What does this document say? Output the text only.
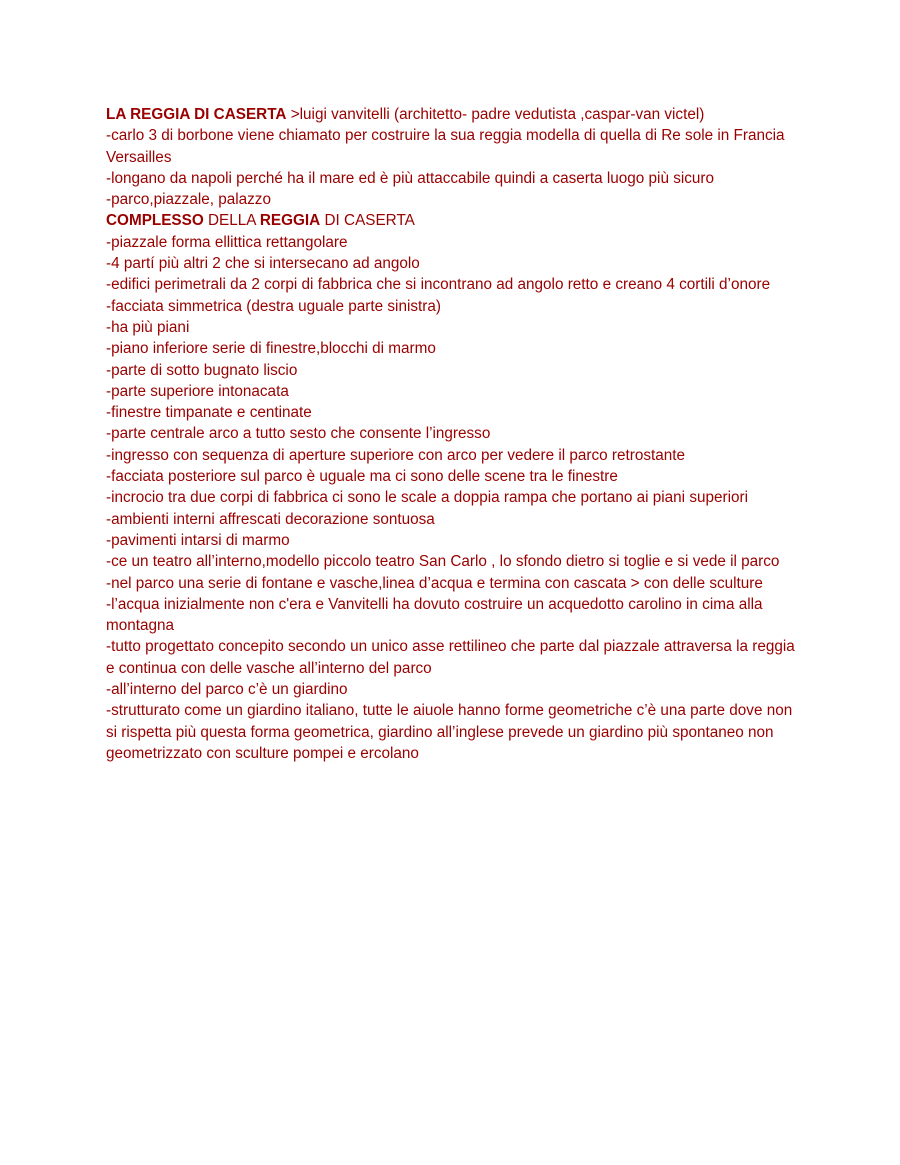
LA REGGIA DI CASERTA >luigi vanvitelli (architetto- padre vedutista ,caspar-van victel)

-carlo 3 di borbone viene chiamato per costruire la sua reggia modella di quella di Re sole in Francia Versailles

-longano da napoli perché ha il mare ed è più attaccabile quindi a caserta luogo più sicuro

-parco,piazzale, palazzo

COMPLESSO DELLA REGGIA DI CASERTA

-piazzale forma ellittica rettangolare

-4 partí più altri 2 che si intersecano ad angolo

-edifici perimetrali da 2 corpi di fabbrica che si incontrano ad angolo retto e creano 4 cortili d’onore

-facciata simmetrica (destra uguale parte sinistra)

-ha più piani

-piano inferiore serie di finestre,blocchi di marmo

-parte di sotto bugnato liscio

-parte superiore intonacata

-finestre timpanate e centinate

-parte centrale arco a tutto sesto che consente l’ingresso

-ingresso con sequenza di aperture superiore con arco per vedere il parco retrostante

-facciata posteriore sul parco è uguale ma ci sono delle scene tra le finestre

-incrocio tra due corpi di fabbrica ci sono le scale a doppia rampa che portano ai piani superiori

-ambienti interni affrescati decorazione sontuosa

-pavimenti intarsi di marmo

-ce un teatro all’interno,modello piccolo teatro San Carlo , lo sfondo dietro si toglie e si vede il parco

-nel parco una serie di fontane e vasche,linea d’acqua e termina con cascata > con delle sculture

-l’acqua inizialmente non c'era e Vanvitelli ha dovuto costruire un acquedotto carolino in cima alla montagna

-tutto progettato concepito secondo un unico asse rettilineo che parte dal piazzale attraversa la reggia e continua con delle vasche all’interno del parco

-all’interno del parco c’è un giardino

-strutturato come un giardino italiano, tutte le aiuole hanno forme geometriche c’è una parte dove non si rispetta più questa forma geometrica, giardino all’inglese prevede un giardino più spontaneo non geometrizzato con sculture pompei e ercolano
